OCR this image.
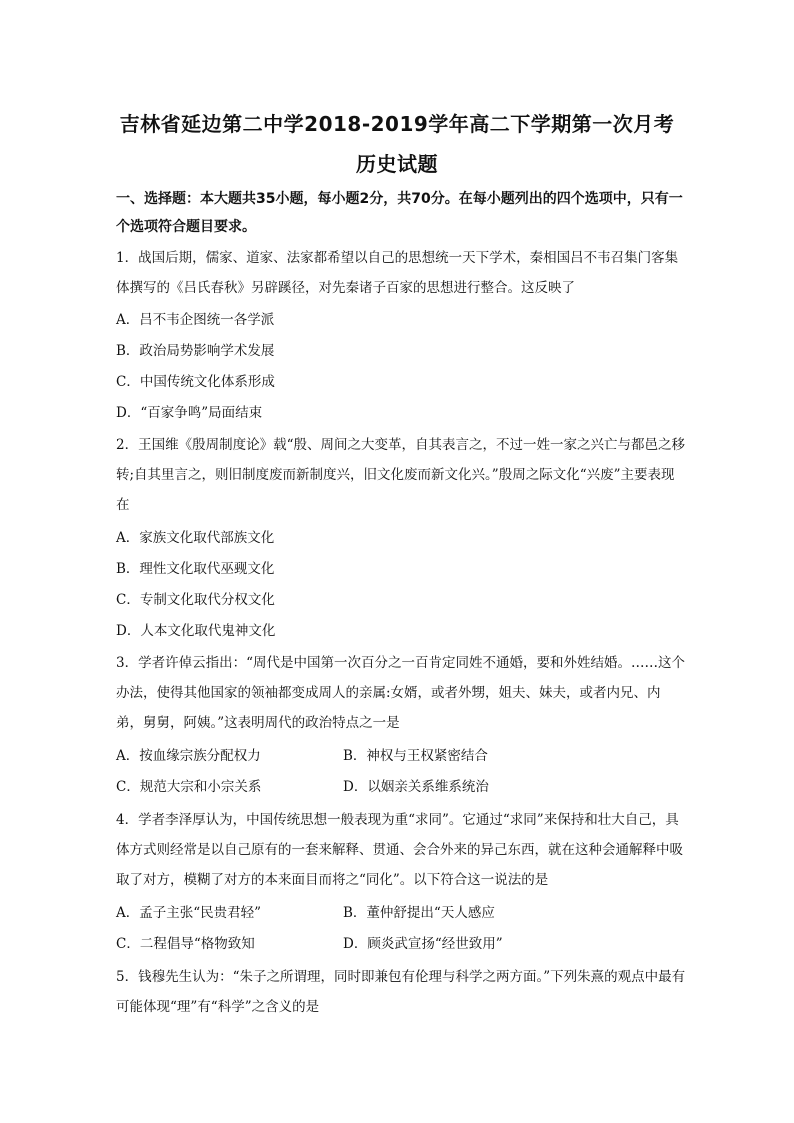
吉林省延边第二中学2018-2019学年高二下学期第一次月考
历史试题
一、选择题：本大题共35小题，每小题2分，共70分。在每小题列出的四个选项中，只有一个选项符合题目要求。
1．战国后期，儒家、道家、法家都希望以自己的思想统一天下学术，秦相国吕不韦召集门客集体撰写的《吕氏春秋》另辟蹊径，对先秦诸子百家的思想进行整合。这反映了
A．吕不韦企图统一各学派
B．政治局势影响学术发展
C．中国传统文化体系形成
D．“百家争鸣”局面结束
2．王国维《殷周制度论》载“殷、周间之大变革，自其表言之，不过一姓一家之兴亡与都邑之移转;自其里言之，则旧制度废而新制度兴，旧文化废而新文化兴。”殷周之际文化“兴废”主要表现在
A．家族文化取代部族文化
B．理性文化取代巫觋文化
C．专制文化取代分权文化
D．人本文化取代鬼神文化
3．学者许倬云指出：“周代是中国第一次百分之一百肯定同姓不通婚，要和外姓结婚。……这个办法，使得其他国家的领袖都变成周人的亲属:女婿，或者外甥，姐夫、妹夫，或者内兄、内弟，舅舅，阿姨。”这表明周代的政治特点之一是
A．按血缘宗族分配权力	B．神权与王权紧密结合
C．规范大宗和小宗关系	D．以姻亲关系维系统治
4．学者李泽厚认为，中国传统思想一般表现为重“求同”。它通过“求同”来保持和壮大自己，具体方式则经常是以自己原有的一套来解释、贯通、会合外来的异己东西，就在这种会通解释中吸取了对方，模糊了对方的本来面目而将之“同化”。以下符合这一说法的是
A．孟子主张“民贵君轻”	B．董仲舒提出“天人感应
C．二程倡导“格物致知	D．顾炎武宣扬“经世致用”
5．钱穆先生认为：“朱子之所谓理，同时即兼包有伦理与科学之两方面。”下列朱熹的观点中最有可能体现“理”有“科学”之含义的是
